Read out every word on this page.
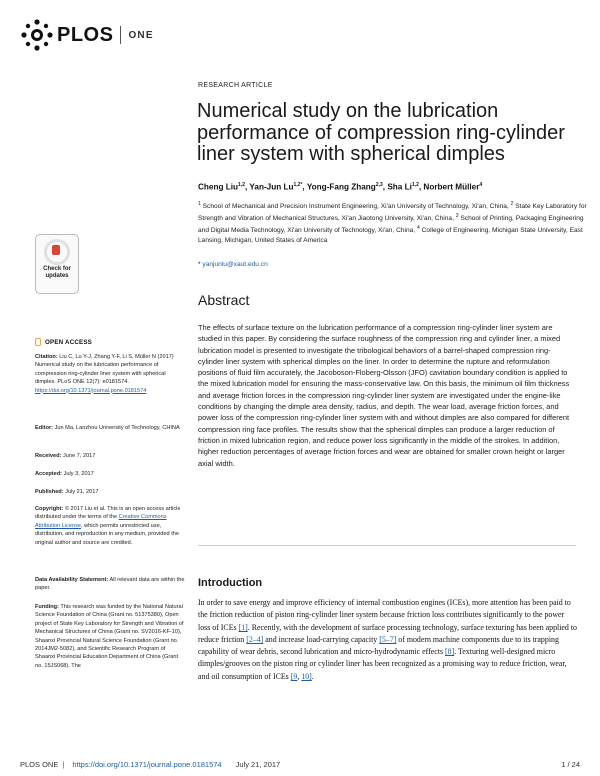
PLOS ONE
RESEARCH ARTICLE
Numerical study on the lubrication performance of compression ring-cylinder liner system with spherical dimples
Cheng Liu$^{1,2}$, Yan-Jun $Lu^{1,2*}$, Yong-Fang Zhang$^{2,3}$, Sha Li$^{1,2}$, Norbert Müller$^4$
$^1$ School of Mechanical and Precision Instrument Engineering, Xi'an University of Technology, Xi'an, China, $^2$ State Key Laboratory for Strength and Vibration of Mechanical Structures, Xi'an Jiaotong University, Xi'an, China, $^3$ School of Printing, Packaging Engineering and Digital Media Technology, Xi'an University of Technology, Xi'an, China, $^4$ College of Engineering, Michigan State University, East Lansing, Michigan, United States of America
* yanjunlu@xaut.edu.cn
Check for
updates
OPEN ACCESS
Citation: Liu C, Lu Y-J, Zhang Y-F, Li S, Müller N (2017) Numerical study on the lubrication performance of compression ring-cylinder liner system with spherical dimples. PLoS ONE 12(7): e0181574. https://doi.org/10.1371/journal.pone.0181574
Editor: Jun Ma, Lanzhou University of Technology, CHINA
Received: June 7, 2017
Accepted: July 3, 2017
Published: July 21, 2017
Copyright: © 2017 Liu et al. This is an open access article distributed under the terms of the Creative Commons Attribution License, which permits unrestricted use, distribution, and reproduction in any medium, provided the original author and source are credited.
Data Availability Statement: All relevant data are within the paper.
Funding: This research was funded by the National Natural Science Foundation of China (Grant no. 51375380), Open project of State Key Laboratory for Strength and Vibration of Mechanical Structures of China (Grant no. SV2016-KF-10), Shaanxi Provincial Natural Science Foundation (Grant no. 2014JM2-5082), and Scientific Research Program of Shaanxi Provincial Education Department of China (Grant no. 15JS068). The
Abstract

The effects of surface texture on the lubrication performance of a compression ring-cylinder liner system are studied in this paper. By considering the surface roughness of the compression ring and cylinder liner, a mixed lubrication model is presented to investigate the tribological behaviors of a barrel-shaped compression ring-cylinder liner system with spherical dimples on the liner. In order to determine the rupture and reformulation positions of fluid film accurately, the Jacoboson-Floberg-Olsson (JFO) cavitation boundary condition is applied to the mixed lubrication model for ensuring the mass-conservative law. On this basis, the minimum oil film thickness and average friction forces in the compression ring-cylinder liner system are investigated under the engine-like conditions by changing the dimple area density, radius, and depth. The wear load, average friction forces, and power loss of the compression ring-cylinder liner system with and without dimples are also compared for different compression ring face profiles. The results show that the spherical dimples can produce a larger reduction of friction in mixed lubrication region, and reduce power loss significantly in the middle of the strokes. In addition, higher reduction percentages of average friction forces and wear are obtained for smaller crown height or larger axial width.

Introduction

In order to save energy and improve efficiency of internal combustion engines (ICEs), more attention has been paid to the friction reduction of piston ring-cylinder liner system because friction loss contributes significantly to the power loss of ICEs [1]. Recently, with the development of surface processing technology, surface texturing has been applied to reduce friction [2–4] and increase load-carrying capacity [5–7] of modern machine components due to its trapping capability of wear debris, second lubrication and micro-hydrodynamic effects [8]. Texturing well-designed micro dimples/grooves on the piston ring or cylinder liner has been recognized as a promising way to reduce friction, wear, and oil consumption of ICEs [9, 10].

PLOS ONE | https://doi.org/10.1371/journal.pone.0181574 July 21, 2017	1 / 24
